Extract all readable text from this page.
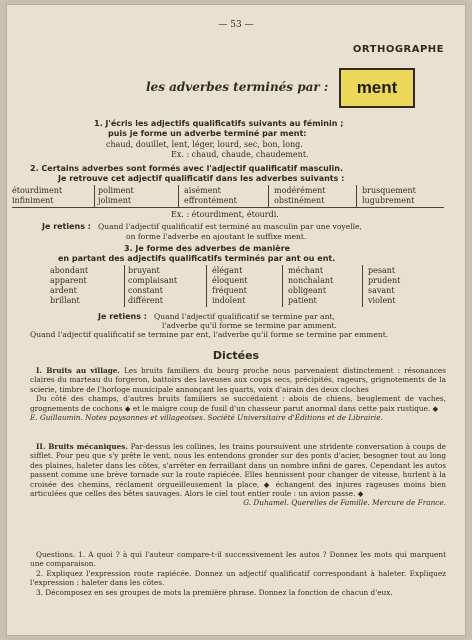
— 53 —
ORTHOGRAPHE
les adverbes terminés par :	ment
1. J'écris les adjectifs qualificatifs suivants au féminin ;
puis je forme un adverbe terminé par ment:
chaud, douillet, lent, léger, lourd, sec, bon, long.
Ex. : chaud, chaude, chaudement.
2. Certains adverbes sont formés avec l'adjectif qualificatif masculin.
Je retrouve cet adjectif qualificatif dans les adverbes suivants :
étourdiment
infiniment
poliment
joliment
aisément
effrontément
modérément
obstinément
brusquement
lugubrement
Ex. : étourdiment, étourdi.
Je retiens : Quand l'adjectif qualificatif est terminé au masculin par une voyelle,
on forme l'adverbe en ajoutant le suffixe ment.
3. Je forme des adverbes de manière
en partant des adjectifs qualificatifs terminés par ant ou ent.
abondant
apparent
ardent
brillant
bruyant
complaisant
constant
différent
élégant
éloquent
fréquent
indolent
méchant
nonchalant
obligeant
patient
pesant
prudent
savant
violent
Je retiens : Quand l'adjectif qualificatif se termine par ant,
l'adverbe qu'il forme se termine par amment.
Quand l'adjectif qualificatif se termine par ent, l'adverbe qu'il forme se termine par emment.
Dictées

I. Bruits au village. Les bruits familiers du bourg proche nous parvenaient distinctement : résonances claires du marteau du forgeron, battoirs des laveuses aux coups secs, précipités, rageurs, grignotements de la scierie, timbre de l'horloge municipale annonçant les quarts, voix d'airain des deux cloches

Du côté des champs, d'autres bruits familiers se succédaient : abois de chiens, beuglement de vaches, grognements de cochons ◆ et le maigre coup de fusil d'un chasseur parut anormal dans cette paix rustique. ◆

E. Guillaumin. Notes paysannes et villageoises. Société Universitaire d'Éditions et de Librairie.

II. Bruits mécaniques. Par-dessus les collines, les trains poursuivent une stridente conversation à coups de sifflet. Pour peu que s'y prête le vent, nous les entendons gronder sur des ponts d'acier, besogner tout au long des plaines, haleter dans les côtes, s'arrêter en ferraillant dans un nombre infini de gares. Cependant les autos passent comme une brève tornade sur la route rapiécée. Elles hennissent pour changer de vitesse, hurlent à la croisée des chemins, réclament orgueilleusement la place, ◆ échangent des injures rageuses moins bien articulées que celles des bêtes sauvages. Alors le ciel tout entier roule : un avion passe. ◆

G. Duhamel. Querelles de Famille. Mercure de France.

Questions. 1. A quoi ? à qui l'auteur compare-t-il successivement les autos ? Donnez les mots qui marquent une comparaison.

2. Expliquez l'expression route rapiécée. Donnez un adjectif qualificatif correspondant à haleter. Expliquez l'expression : haleter dans les côtes.

3. Décomposez en ses groupes de mots la première phrase. Donnez la fonction de chacun d'eux.
